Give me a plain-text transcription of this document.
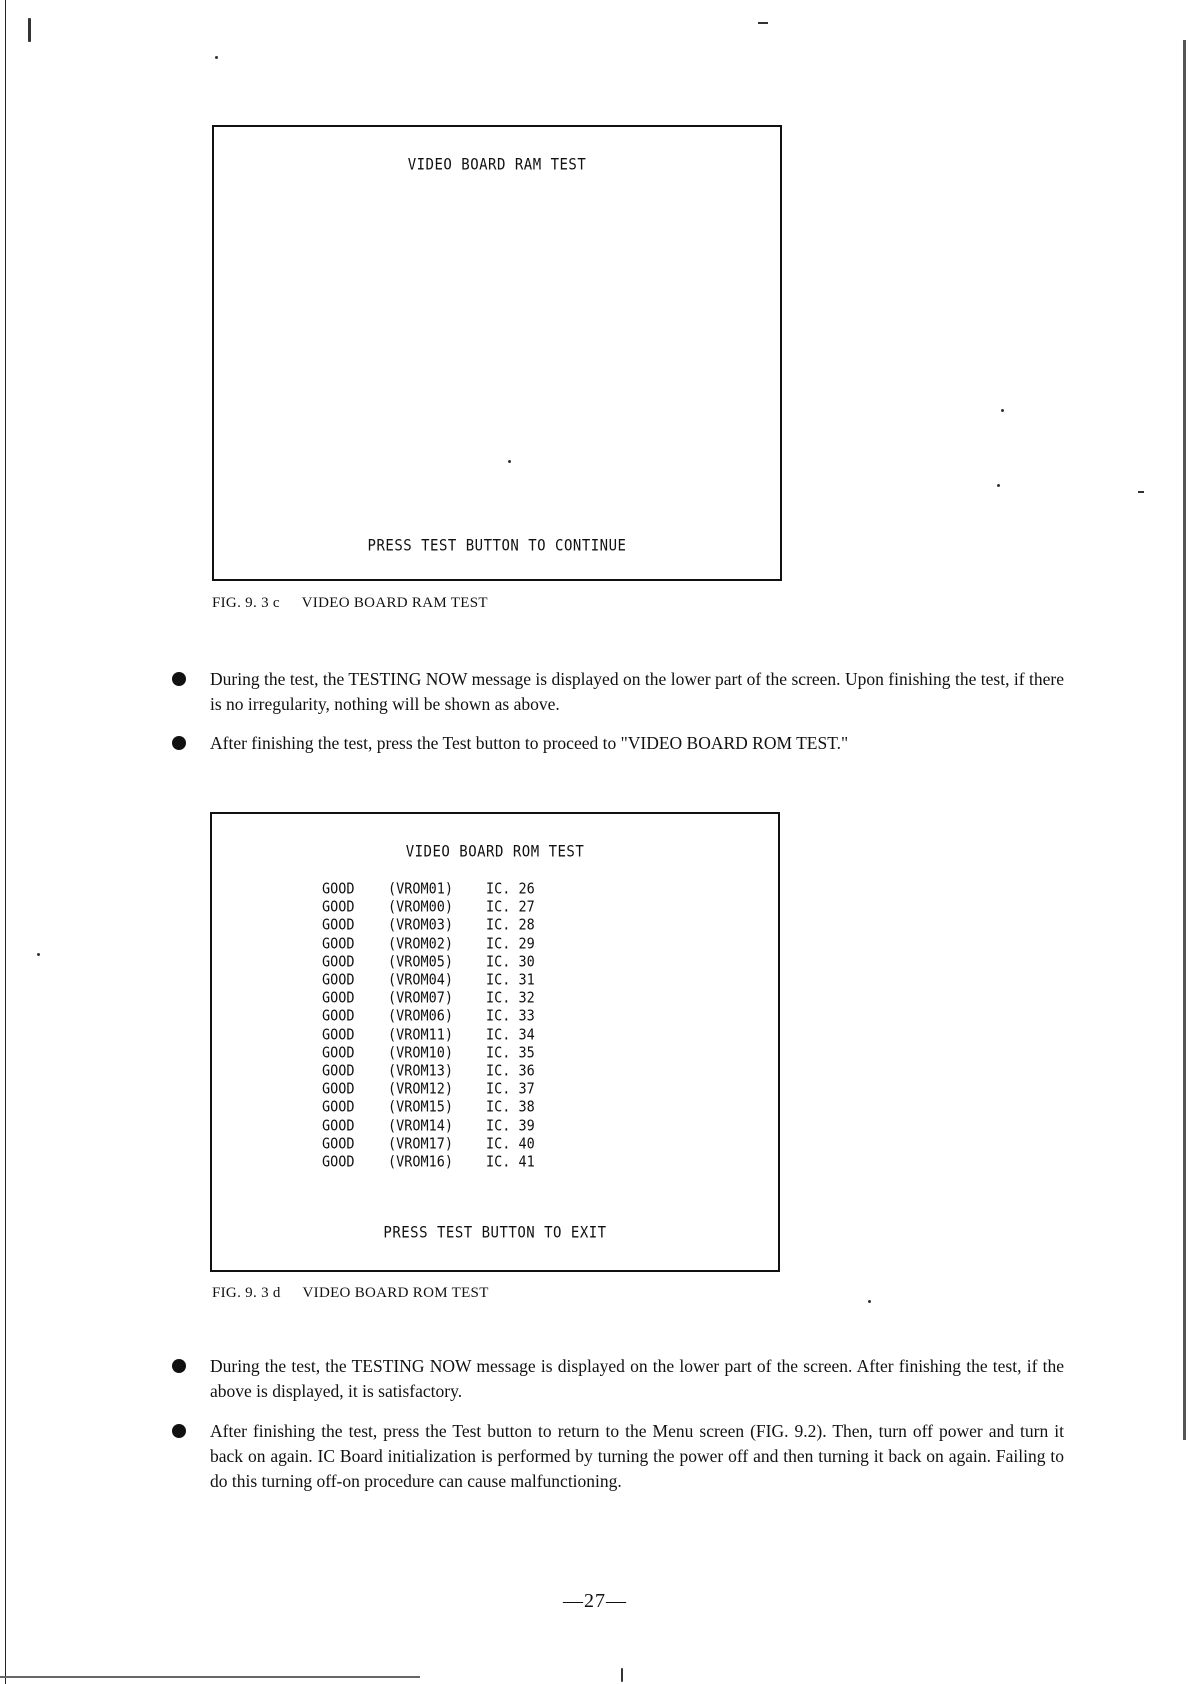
VIDEO BOARD RAM TEST
PRESS TEST BUTTON TO CONTINUE
FIG. 9. 3 c VIDEO BOARD RAM TEST
During the test, the TESTING NOW message is displayed on the lower part of the screen. Upon finishing the test, if there is no irregularity, nothing will be shown as above.
After finishing the test, press the Test button to proceed to "VIDEO BOARD ROM TEST."
VIDEO BOARD ROM TEST
GOOD	(VROM01)	IC. 26
GOOD	(VROM00)	IC. 27
GOOD	(VROM03)	IC. 28
GOOD	(VROM02)	IC. 29
GOOD	(VROM05)	IC. 30
GOOD	(VROM04)	IC. 31
GOOD	(VROM07)	IC. 32
GOOD	(VROM06)	IC. 33
GOOD	(VROM11)	IC. 34
GOOD	(VROM10)	IC. 35
GOOD	(VROM13)	IC. 36
GOOD	(VROM12)	IC. 37
GOOD	(VROM15)	IC. 38
GOOD	(VROM14)	IC. 39
GOOD	(VROM17)	IC. 40
GOOD	(VROM16)	IC. 41
PRESS TEST BUTTON TO EXIT
FIG. 9. 3 d VIDEO BOARD ROM TEST
During the test, the TESTING NOW message is displayed on the lower part of the screen. After finishing the test, if the above is displayed, it is satisfactory.
After finishing the test, press the Test button to return to the Menu screen (FIG. 9.2). Then, turn off power and turn it back on again. IC Board initialization is performed by turning the power off and then turning it back on again. Failing to do this turning off-on procedure can cause malfunctioning.
—27—
